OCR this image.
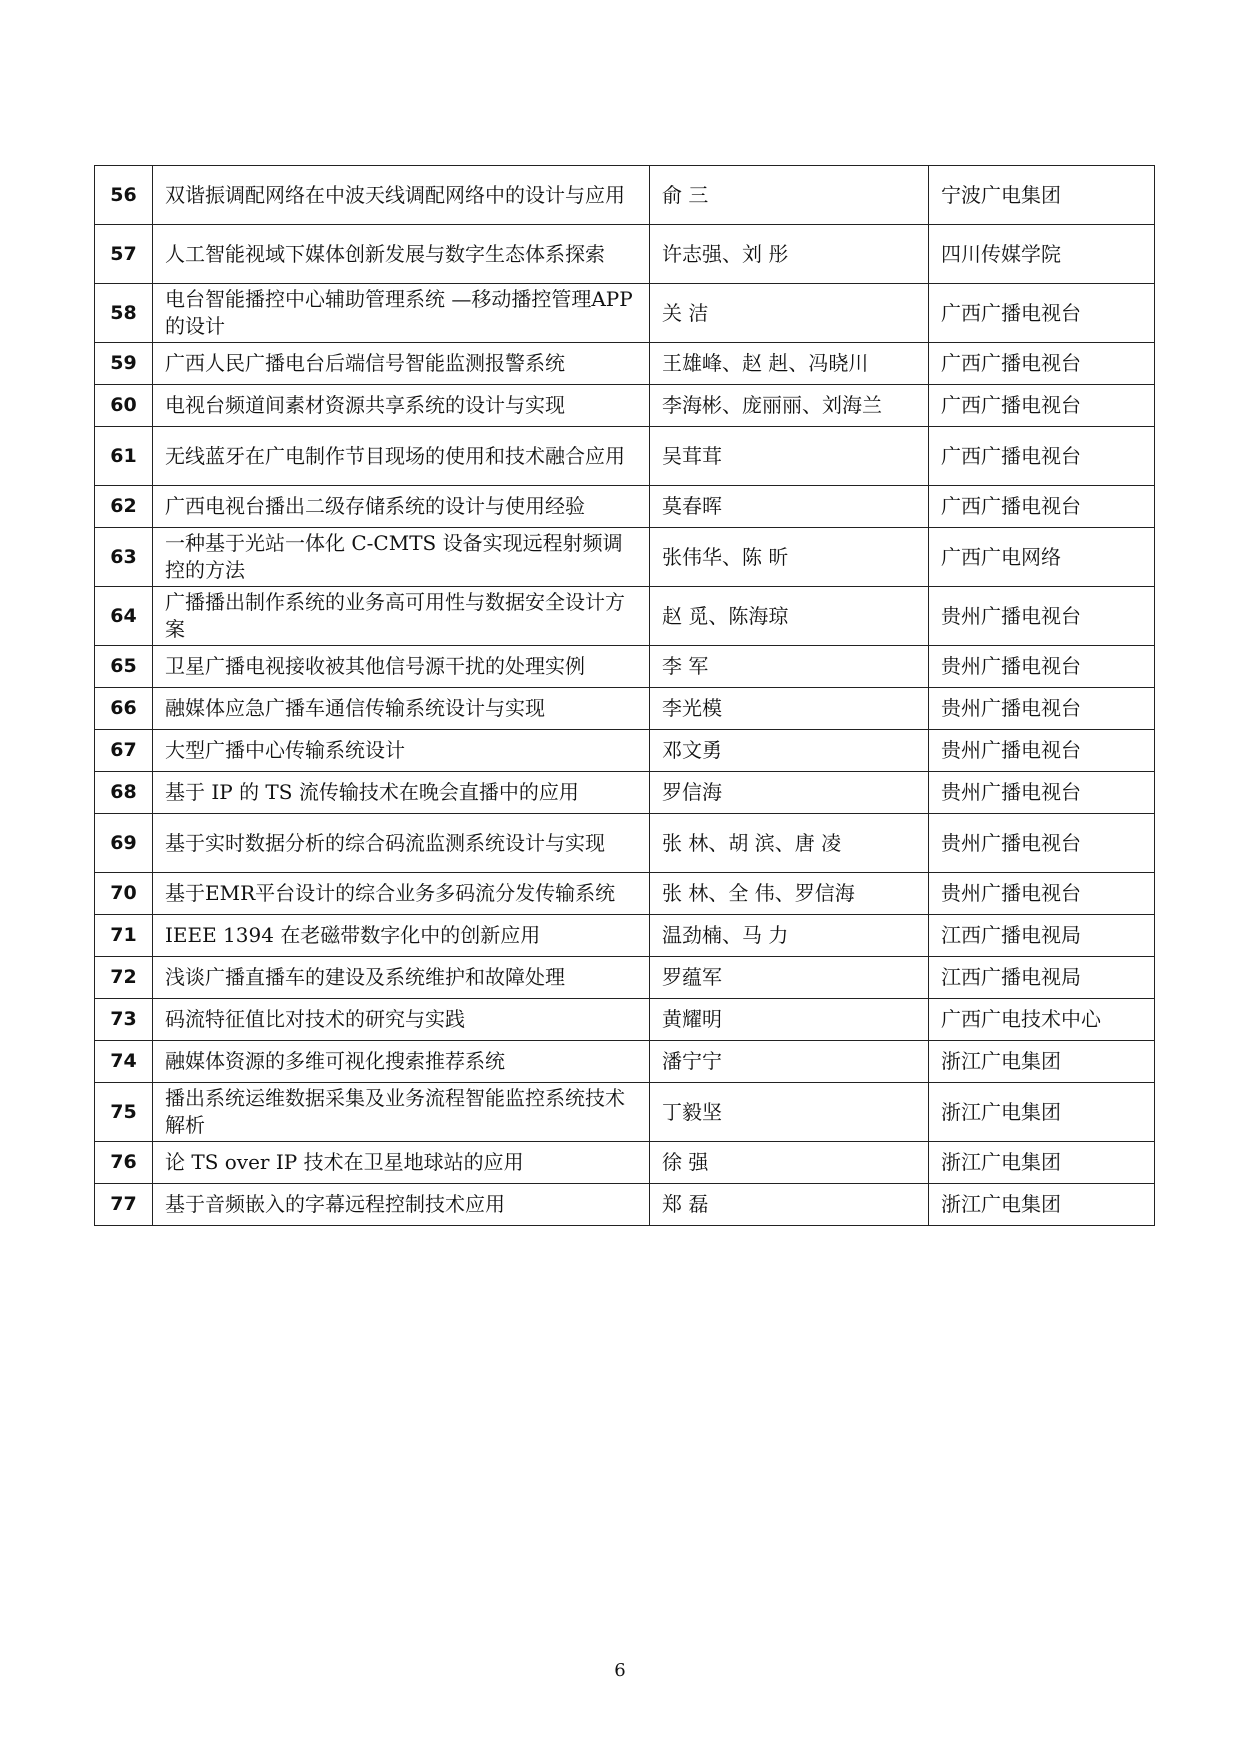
56	双谐振调配网络在中波天线调配网络中的设计与应用	俞 三	宁波广电集团
57	人工智能视域下媒体创新发展与数字生态体系探索	许志强、刘 彤	四川传媒学院
58	电台智能播控中心辅助管理系统 —移动播控管理APP的设计	关 洁	广西广播电视台
59	广西人民广播电台后端信号智能监测报警系统	王雄峰、赵 赳、冯晓川	广西广播电视台
60	电视台频道间素材资源共享系统的设计与实现	李海彬、庞丽丽、刘海兰	广西广播电视台
61	无线蓝牙在广电制作节目现场的使用和技术融合应用	吴茸茸	广西广播电视台
62	广西电视台播出二级存储系统的设计与使用经验	莫春晖	广西广播电视台
63	一种基于光站一体化 C-CMTS 设备实现远程射频调控的方法	张伟华、陈 昕	广西广电网络
64	广播播出制作系统的业务高可用性与数据安全设计方案	赵 觅、陈海琼	贵州广播电视台
65	卫星广播电视接收被其他信号源干扰的处理实例	李 军	贵州广播电视台
66	融媒体应急广播车通信传输系统设计与实现	李光模	贵州广播电视台
67	大型广播中心传输系统设计	邓文勇	贵州广播电视台
68	基于 IP 的 TS 流传输技术在晚会直播中的应用	罗信海	贵州广播电视台
69	基于实时数据分析的综合码流监测系统设计与实现	张 林、胡 滨、唐 凌	贵州广播电视台
70	基于EMR平台设计的综合业务多码流分发传输系统	张 林、全 伟、罗信海	贵州广播电视台
71	IEEE 1394 在老磁带数字化中的创新应用	温劲楠、马 力	江西广播电视局
72	浅谈广播直播车的建设及系统维护和故障处理	罗蕴军	江西广播电视局
73	码流特征值比对技术的研究与实践	黄耀明	广西广电技术中心
74	融媒体资源的多维可视化搜索推荐系统	潘宁宁	浙江广电集团
75	播出系统运维数据采集及业务流程智能监控系统技术解析	丁毅坚	浙江广电集团
76	论 TS over IP 技术在卫星地球站的应用	徐 强	浙江广电集团
77	基于音频嵌入的字幕远程控制技术应用	郑 磊	浙江广电集团
6
